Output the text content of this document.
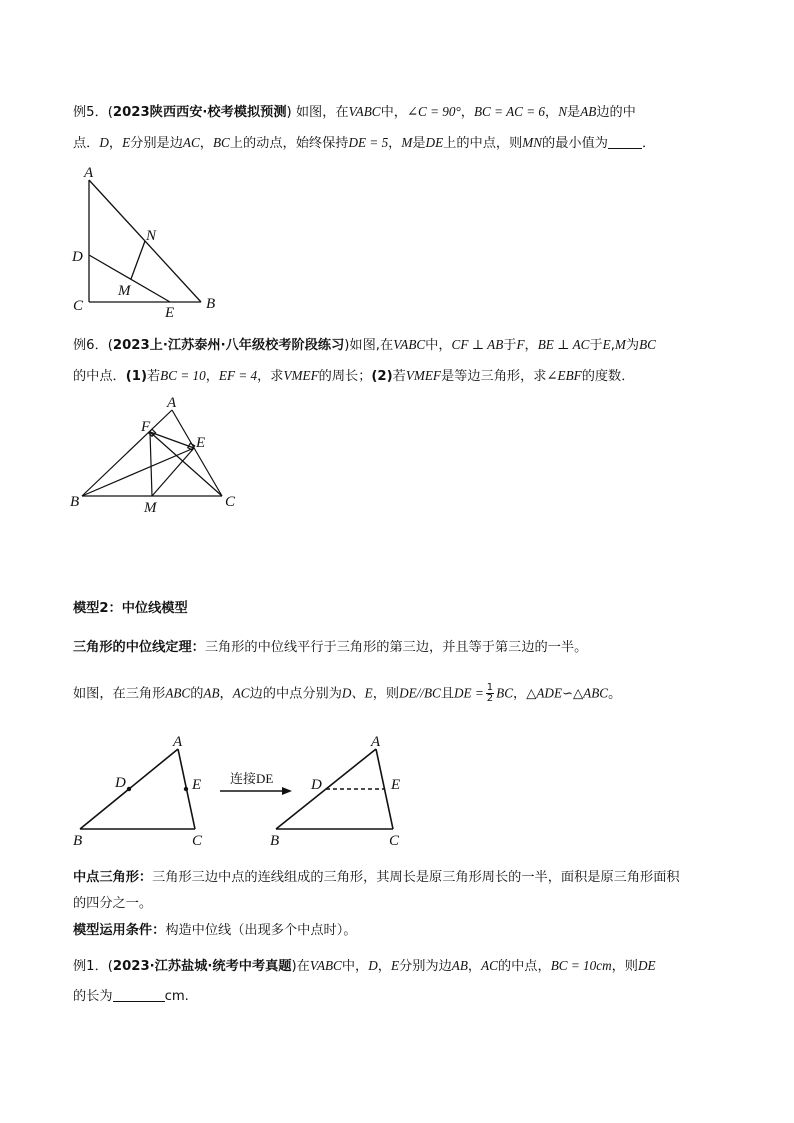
例5．(2023陕西西安·校考模拟预测) 如图，在VABC中，∠C = 90°，BC = AC = 6，N是AB边的中
点．D，E分别是边AC，BC上的动点，始终保持DE = 5，M是DE上的中点，则MN的最小值为	．
A
D
C
N
M
E
B
例6．(2023上·江苏泰州·八年级校考阶段练习)如图,在VABC中，CF ⊥ AB于F，BE ⊥ AC于E,M为BC
的中点．(1)若BC = 10，EF = 4，求VMEF的周长；(2)若VMEF是等边三角形，求∠EBF的度数．
A
F
E
B	M	C
模型2：中位线模型
三角形的中位线定理：三角形的中位线平行于三角形的第三边，并且等于第三边的一半。
如图，在三角形ABC的AB，AC边的中点分别为D、E，则DE//BC且DE = $\frac{1}{2}$ BC，△ADE∽△ABC。
A
D	E
B	C
连接DE
A
D	E
B	C
中点三角形：三角形三边中点的连线组成的三角形，其周长是原三角形周长的一半，面积是原三角形面积
的四分之一。
模型运用条件：构造中位线（出现多个中点时）。
例1．(2023·江苏盐城·统考中考真题)在VABC中，D，E分别为边AB，AC的中点，BC = 10cm，则DE
的长为	cm.
